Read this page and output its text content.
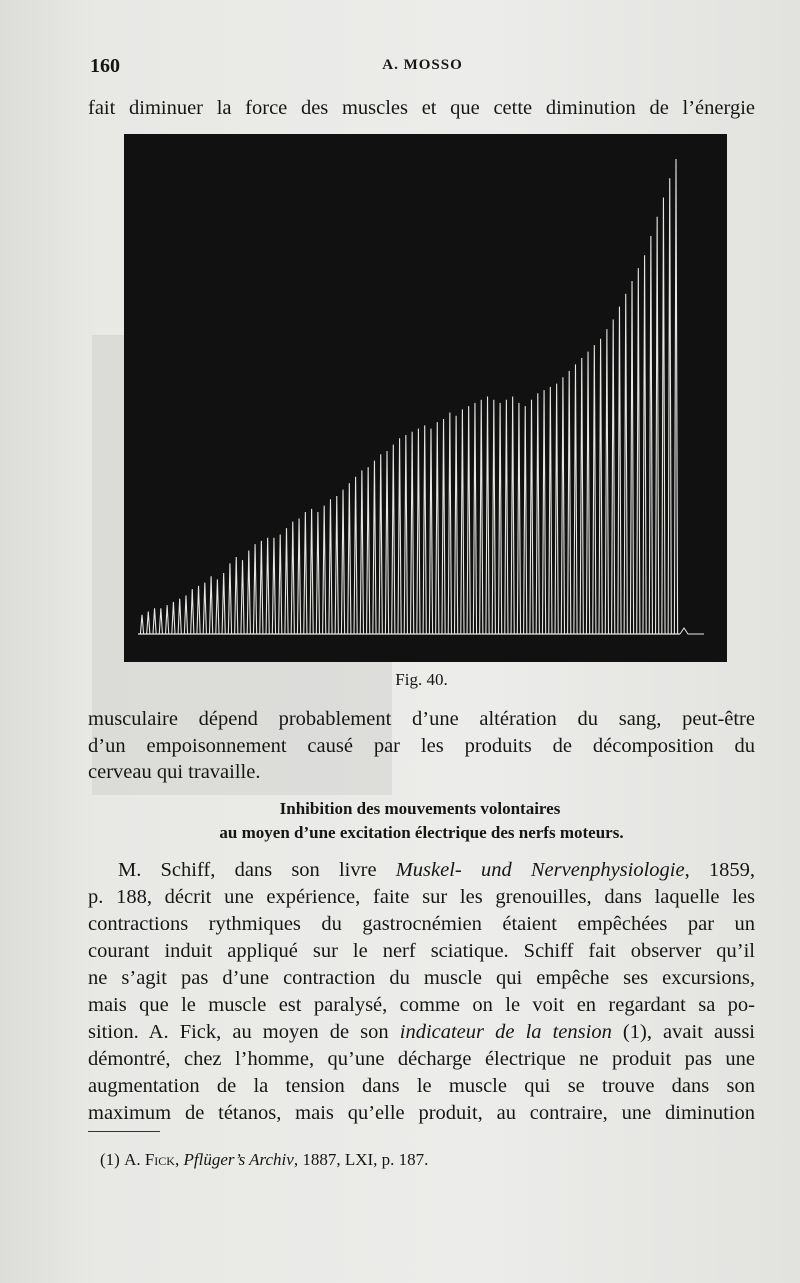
160	A. MOSSO
fait diminuer la force des muscles et que cette diminution de l’énergie
Fig. 40.
musculaire dépend probablement d’une altération du sang, peut-être
d’un empoisonnement causé par les produits de décomposition du
cerveau qui travaille.
Inhibition des mouvements volontaires
au moyen d’une excitation électrique des nerfs moteurs.
M. Schiff, dans son livre Muskel- und Nervenphysiologie, 1859,
p. 188, décrit une expérience, faite sur les grenouilles, dans laquelle les
contractions rythmiques du gastrocnémien étaient empêchées par un
courant induit appliqué sur le nerf sciatique. Schiff fait observer qu’il
ne s’agit pas d’une contraction du muscle qui empêche ses excursions,
mais que le muscle est paralysé, comme on le voit en regardant sa po-
sition. A. Fick, au moyen de son indicateur de la tension (1), avait aussi
démontré, chez l’homme, qu’une décharge électrique ne produit pas une
augmentation de la tension dans le muscle qui se trouve dans son
maximum de tétanos, mais qu’elle produit, au contraire, une diminution
(1) A. Fick, Pflüger’s Archiv, 1887, LXI, p. 187.
